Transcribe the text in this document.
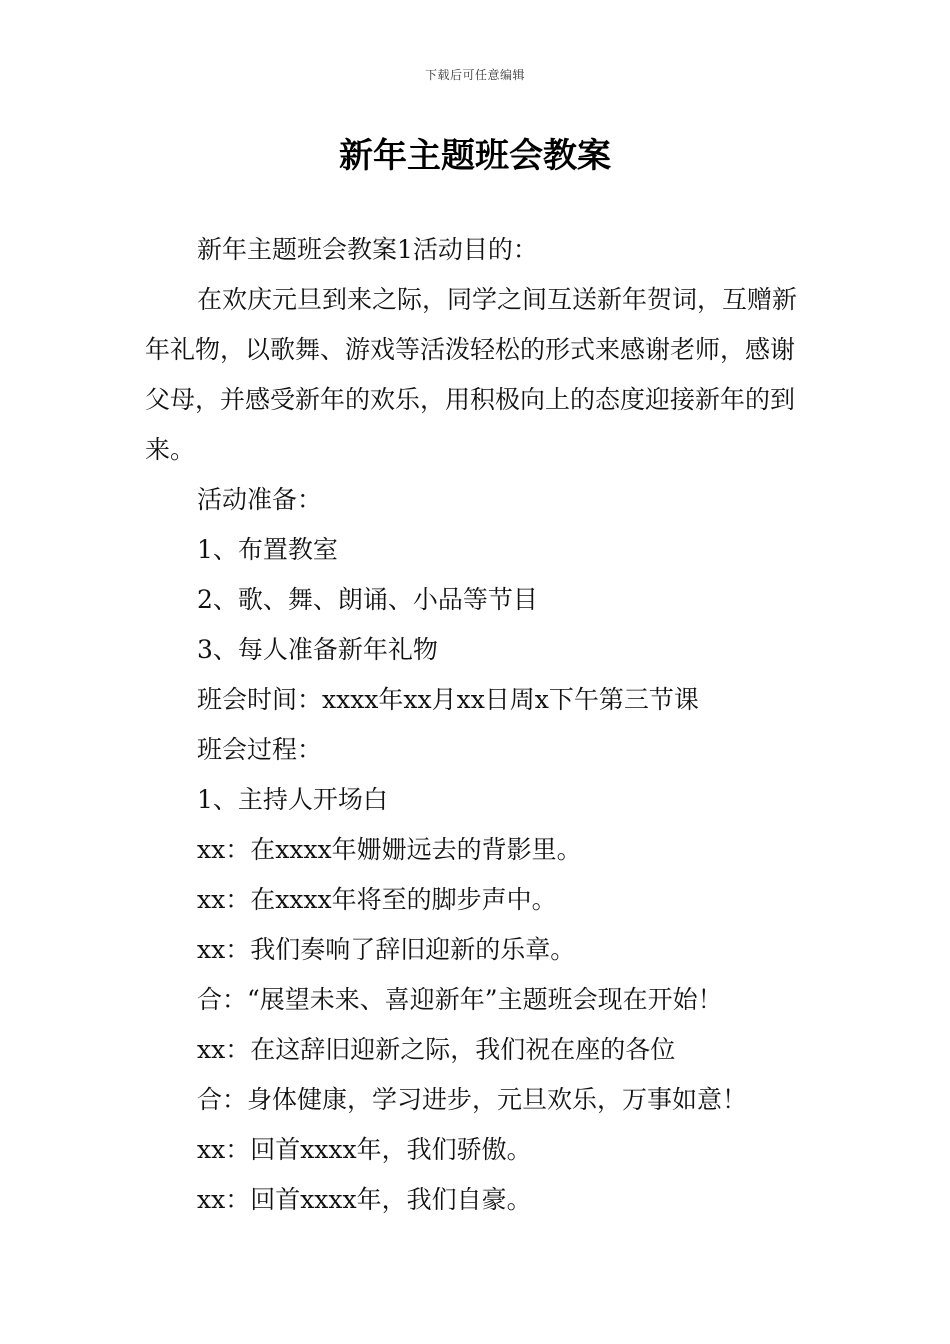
下载后可任意编辑
新年主题班会教案

新年主题班会教案1活动目的：

在欢庆元旦到来之际，同学之间互送新年贺词，互赠新年礼物，以歌舞、游戏等活泼轻松的形式来感谢老师，感谢父母，并感受新年的欢乐，用积极向上的态度迎接新年的到来。

活动准备：

1、布置教室

2、歌、舞、朗诵、小品等节目

3、每人准备新年礼物

班会时间：xxxx年xx月xx日周x下午第三节课

班会过程：

1、主持人开场白

xx：在xxxx年姗姗远去的背影里。

xx：在xxxx年将至的脚步声中。

xx：我们奏响了辞旧迎新的乐章。

合：“展望未来、喜迎新年”主题班会现在开始！

xx：在这辞旧迎新之际，我们祝在座的各位

合：身体健康，学习进步，元旦欢乐，万事如意！

xx：回首xxxx年，我们骄傲。

xx：回首xxxx年，我们自豪。
